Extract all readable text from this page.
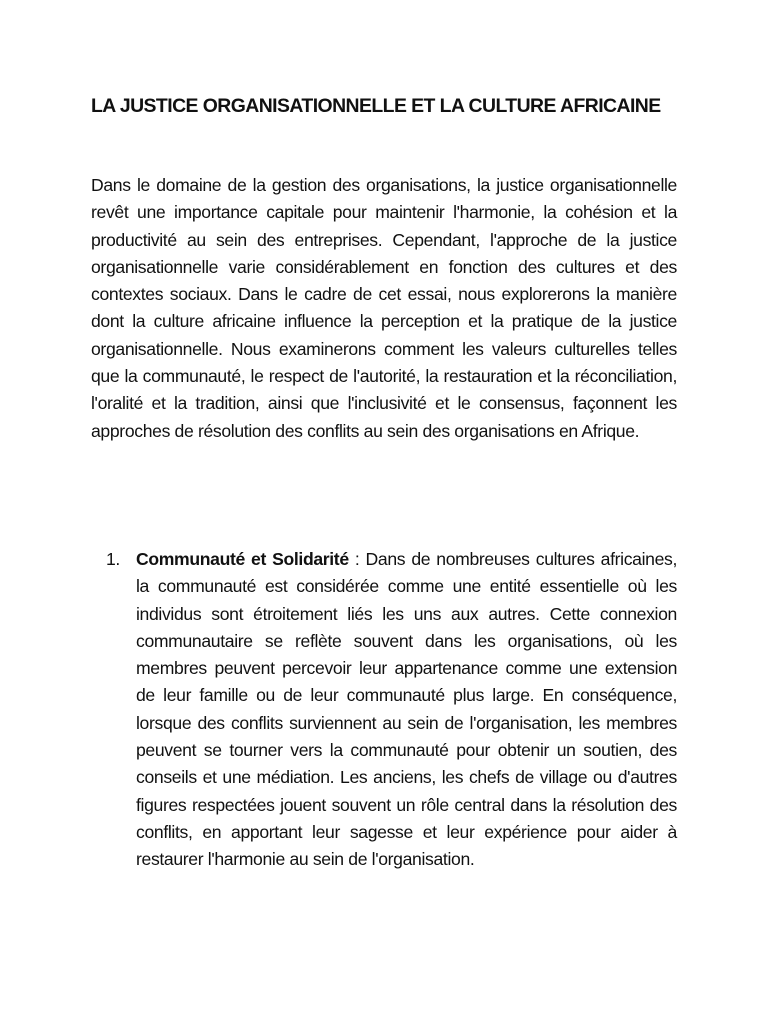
LA JUSTICE ORGANISATIONNELLE ET LA CULTURE AFRICAINE

Dans le domaine de la gestion des organisations, la justice organisationnelle revêt une importance capitale pour maintenir l'harmonie, la cohésion et la productivité au sein des entreprises. Cependant, l'approche de la justice organisationnelle varie considérablement en fonction des cultures et des contextes sociaux. Dans le cadre de cet essai, nous explorerons la manière dont la culture africaine influence la perception et la pratique de la justice organisationnelle. Nous examinerons comment les valeurs culturelles telles que la communauté, le respect de l'autorité, la restauration et la réconciliation, l'oralité et la tradition, ainsi que l'inclusivité et le consensus, façonnent les approches de résolution des conflits au sein des organisations en Afrique.

1. Communauté et Solidarité : Dans de nombreuses cultures africaines, la communauté est considérée comme une entité essentielle où les individus sont étroitement liés les uns aux autres. Cette connexion communautaire se reflète souvent dans les organisations, où les membres peuvent percevoir leur appartenance comme une extension de leur famille ou de leur communauté plus large. En conséquence, lorsque des conflits surviennent au sein de l'organisation, les membres peuvent se tourner vers la communauté pour obtenir un soutien, des conseils et une médiation. Les anciens, les chefs de village ou d'autres figures respectées jouent souvent un rôle central dans la résolution des conflits, en apportant leur sagesse et leur expérience pour aider à restaurer l'harmonie au sein de l'organisation.
